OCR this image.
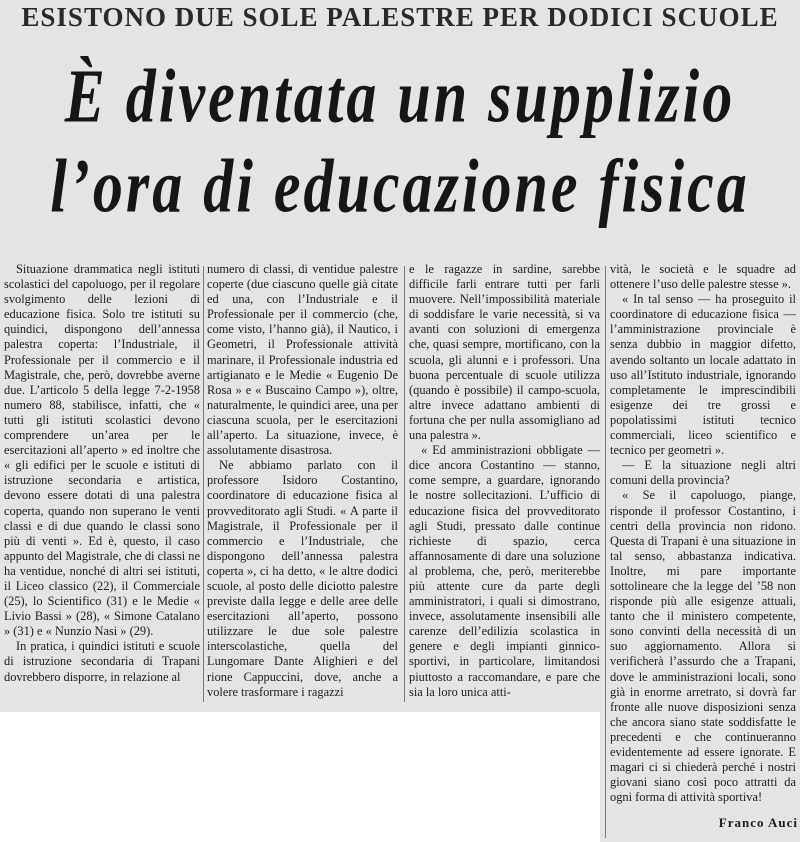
ESISTONO DUE SOLE PALESTRE PER DODICI SCUOLE
È diventata un supplizio
l’ora di educazione fisica

Situazione drammatica negli istituti scolastici del capoluogo, per il regolare svolgimento delle lezioni di educazione fisica. Solo tre istituti su quindici, dispongono dell’annessa palestra coperta: l’Industriale, il Professionale per il commercio e il Magistrale, che, però, dovrebbe averne due. L’articolo 5 della legge 7-2-1958 numero 88, stabilisce, infatti, che « tutti gli istituti scolastici devono comprendere un’area per le esercitazioni all’aperto » ed inoltre che « gli edifici per le scuole e istituti di istruzione secondaria e artistica, devono essere dotati di una palestra coperta, quando non superano le venti classi e di due quando le classi sono più di venti ». Ed è, questo, il caso appunto del Magistrale, che di classi ne ha ventidue, nonché di altri sei istituti, il Liceo classico (22), il Commerciale (25), lo Scientifico (31) e le Medie « Livio Bassi » (28), « Simone Catalano » (31) e « Nunzio Nasi » (29).

In pratica, i quindici istituti e scuole di istruzione secondaria di Trapani dovrebbero disporre, in relazione al

numero di classi, di ventidue palestre coperte (due ciascuno quelle già citate ed una, con l’Industriale e il Professionale per il commercio (che, come visto, l’hanno già), il Nautico, i Geometri, il Professionale attività marinare, il Professionale industria ed artigianato e le Medie « Eugenio De Rosa » e « Buscaino Campo »), oltre, naturalmente, le quindici aree, una per ciascuna scuola, per le esercitazioni all’aperto. La situazione, invece, è assolutamente disastrosa.

Ne abbiamo parlato con il professore Isidoro Costantino, coordinatore di educazione fisica al provveditorato agli Studi. « A parte il Magistrale, il Professionale per il commercio e l’Industriale, che dispongono dell’annessa palestra coperta », ci ha detto, « le altre dodici scuole, al posto delle diciotto palestre previste dalla legge e delle aree delle esercitazioni all’aperto, possono utilizzare le due sole palestre interscolastiche, quella del Lungomare Dante Alighieri e del rione Cappuccini, dove, anche a volere trasformare i ragazzi

e le ragazze in sardine, sarebbe difficile farli entrare tutti per farli muovere. Nell’impossibilità materiale di soddisfare le varie necessità, si va avanti con soluzioni di emergenza che, quasi sempre, mortificano, con la scuola, gli alunni e i professori. Una buona percentuale di scuole utilizza (quando è possibile) il campo-scuola, altre invece adattano ambienti di fortuna che per nulla assomigliano ad una palestra ».

« Ed amministrazioni obbligate — dice ancora Costantino — stanno, come sempre, a guardare, ignorando le nostre sollecitazioni. L’ufficio di educazione fisica del provveditorato agli Studi, pressato dalle continue richieste di spazio, cerca affannosamente di dare una soluzione al problema, che, però, meriterebbe più attente cure da parte degli amministratori, i quali si dimostrano, invece, assolutamente insensibili alle carenze dell’edilizia scolastica in genere e degli impianti ginnico-sportivi, in particolare, limitandosi piuttosto a raccomandare, e pare che sia la loro unica atti-

vità, le società e le squadre ad ottenere l’uso delle palestre stesse ».

« In tal senso — ha proseguito il coordinatore di educazione fisica — l’amministrazione provinciale è senza dubbio in maggior difetto, avendo soltanto un locale adattato in uso all’Istituto industriale, ignorando completamente le imprescindibili esigenze dei tre grossi e popolatissimi istituti tecnico commerciali, liceo scientifico e tecnico per geometri ».

— E la situazione negli altri comuni della provincia?

« Se il capoluogo, piange, risponde il professor Costantino, i centri della provincia non ridono. Questa di Trapani è una situazione in tal senso, abbastanza indicativa. Inoltre, mi pare importante sottolineare che la legge del ’58 non risponde più alle esigenze attuali, tanto che il ministero competente, sono convinti della necessità di un suo aggiornamento. Allora si verificherà l’assurdo che a Trapani, dove le amministrazioni locali, sono già in enorme arretrato, si dovrà far fronte alle nuove disposizioni senza che ancora siano state soddisfatte le precedenti e che continueranno evidentemente ad essere ignorate. E magari ci si chiederà perché i nostri giovani siano così poco attratti da ogni forma di attività sportiva!

Franco Auci
